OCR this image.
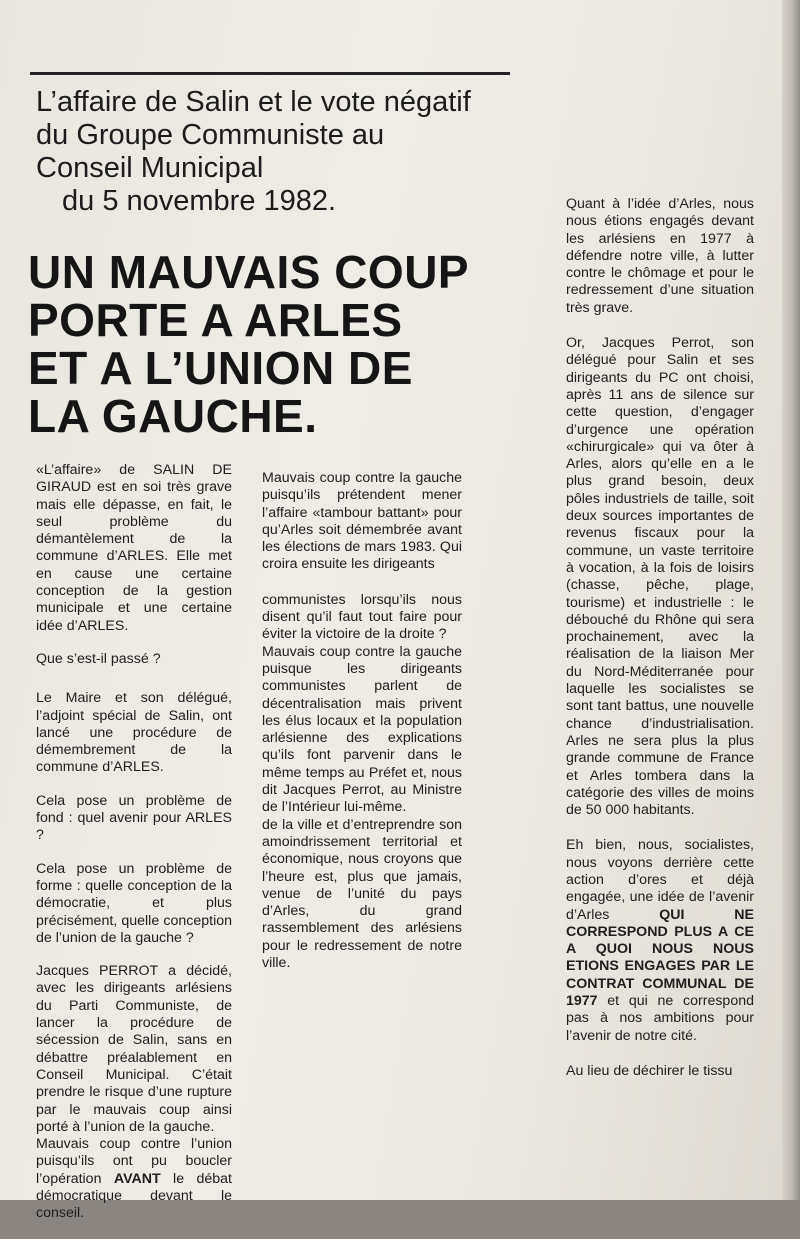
L’affaire de Salin et le vote négatif
du Groupe Communiste au
Conseil Municipal
du 5 novembre 1982.
UN MAUVAIS COUP
PORTE A ARLES
ET A L’UNION DE
LA GAUCHE.

«L’affaire» de SALIN DE GIRAUD est en soi très grave mais elle dépasse, en fait, le seul problème du démantèlement de la commune d’ARLES. Elle met en cause une certaine conception de la gestion municipale et une certaine idée d’ARLES.

Que s’est-il passé ?

Le Maire et son délégué, l’adjoint spécial de Salin, ont lancé une procédure de démembrement de la commune d’ARLES.

Cela pose un problème de fond : quel avenir pour ARLES ?

Cela pose un problème de forme : quelle conception de la démocratie, et plus précisément, quelle conception de l’union de la gauche ?

Jacques PERROT a décidé, avec les dirigeants arlésiens du Parti Communiste, de lancer la procédure de sécession de Salin, sans en débattre préalablement en Conseil Municipal. C’était prendre le risque d’une rupture par le mauvais coup ainsi porté à l’union de la gauche.

Mauvais coup contre l’union puisqu’ils ont pu boucler l’opération AVANT le débat démocratique devant le conseil.

Mauvais coup contre la gauche puisqu’ils prétendent mener l’affaire «tambour battant» pour qu’Arles soit démembrée avant les élections de mars 1983. Qui croira ensuite les dirigeants

communistes lorsqu’ils nous disent qu’il faut tout faire pour éviter la victoire de la droite ?

Mauvais coup contre la gauche puisque les dirigeants communistes parlent de décentralisation mais privent les élus locaux et la population arlésienne des explications qu’ils font parvenir dans le même temps au Préfet et, nous dit Jacques Perrot, au Ministre de l’Intérieur lui-même.

de la ville et d’entreprendre son amoindrissement territorial et économique, nous croyons que l’heure est, plus que jamais, venue de l’unité du pays d’Arles, du grand rassemblement des arlésiens pour le redressement de notre ville.

Quant à l’idée d’Arles, nous nous étions engagés devant les arlésiens en 1977 à défendre notre ville, à lutter contre le chômage et pour le redressement d’une situation très grave.

Or, Jacques Perrot, son délégué pour Salin et ses dirigeants du PC ont choisi, après 11 ans de silence sur cette question, d’engager d’urgence une opération «chirurgicale» qui va ôter à Arles, alors qu’elle en a le plus grand besoin, deux pôles industriels de taille, soit deux sources importantes de revenus fiscaux pour la commune, un vaste territoire à vocation, à la fois de loisirs (chasse, pêche, plage, tourisme) et industrielle : le débouché du Rhône qui sera prochainement, avec la réalisation de la liaison Mer du Nord-Méditerranée pour laquelle les socialistes se sont tant battus, une nouvelle chance d’industrialisation. Arles ne sera plus la plus grande commune de France et Arles tombera dans la catégorie des villes de moins de 50 000 habitants.

Eh bien, nous, socialistes, nous voyons derrière cette action d’ores et déjà engagée, une idée de l’avenir d’Arles QUI NE CORRESPOND PLUS A CE A QUOI NOUS NOUS ETIONS ENGAGES PAR LE CONTRAT COMMUNAL DE 1977 et qui ne correspond pas à nos ambitions pour l’avenir de notre cité.

Au lieu de déchirer le tissu
